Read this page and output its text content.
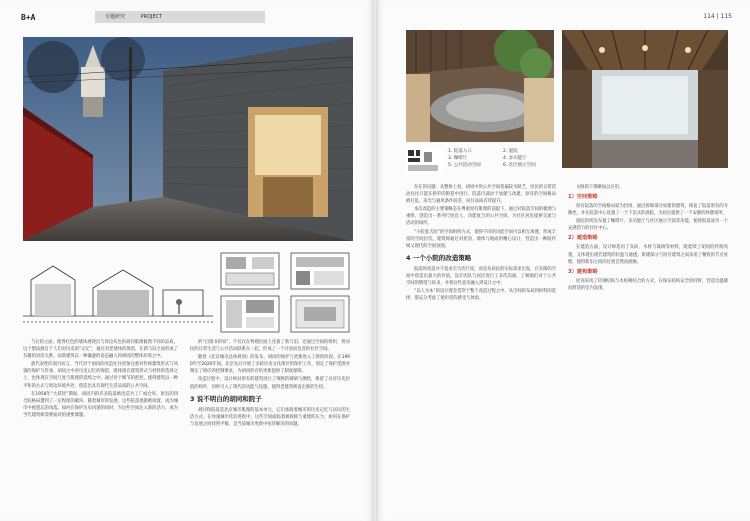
B+A	专题研究	PROJECT

与后的立面，使得红色的墙体展现出与周边灰色的胡同肌理截然不同的品质。这个想法源自于人们对历史的“记忆”，通过对老墙体的保留，在新与旧之间形成了有趣的对话关系，而新建筑以一种谦逊的姿态融入到胡同的整体环境之中。

就代表性的项目而言，当代对于胡同的改造往往更加注重对传统建筑形式与风貌的保护与传承。胡同之中对历史记忆的保留，既体现在建筑形式与材料的选择之上，也体现在空间尺度与肌理的延续之中。通过对于细节的把控，使得建筑以一种平和的方式与周边环境共处，创造出具有现代生活品质的公共空间。

在1958年“大跃进”期间，胡同内的许多院落被改造为工厂或仓库，原有的四合院格局遭到了一定程度的破坏。随着城市的发展，这些院落逐渐被闲置，成为城市中被遗忘的角落。如何在保护历史风貌的同时，为这些空间注入新的活力，成为当代建筑师需要面对的重要课题。

的“白墙书的说”，不仅仅在物理层面上连接了新与旧，还通过空间的组织，将居民的日常生活与公共活动联系在一起，形成了一个开放而包容的社区空间。

随着《北京城市总体规划》的发布，胡同的保护与更新进入了新的阶段。在1990年至2020年间，北京先后开展了多轮历史文化街区的保护工作，划定了保护范围并制定了相应的控制要求，为胡同的有机更新提供了制度保障。

改造过程中，设计师对原有的建筑进行了细致的调研与测绘，保留了具有历史价值的构件，同时引入了现代的功能与设施，使得老建筑焕发出新的生机。

3 说不明白的胡同和院子

胡同和院落是北京城市肌理的基本单元，它们承载着城市的历史记忆与居民的生活方式。在快速城市化的进程中，这些空间面临着被拆除与重建的压力，如何在保护与发展之间找到平衡，是当前城市更新中亟待解决的问题。

114 | 115
1. 院落入口	2. 庭院
3. 咖啡厅	4. 多功能厅
5. 公共活动空间	6. 社区展示空间

存在的问题：从整体上看，胡同中的公共空间普遍较为缺乏，居民的日常活动往往只能在狭窄的街巷中进行。院落内部由于加建与改建，原有的空间格局被打乱，采光与通风条件较差，居住品质有待提升。

本次改造的主要策略是在尊重原有肌理的前提下，通过对院落空间的梳理与重组，创造出一系列尺度宜人、功能复合的公共空间，为社区居民提供交流与活动的场所。

“小院套大院”的空间组织方式，使得不同的功能空间可以相互渗透，形成丰富的空间层次。建筑师通过对屋顶、墙体与地面的精心设计，营造出一种既传统又现代的空间氛围。

4 一个小院的改造策略

院落的改造并不追求宏大的尺度，而是从居民的实际需求出发，在有限的空间中创造出最大的价值。设计团队与居民进行了多次沟通，了解他们对于公共空间的期望与诉求，并将这些意见融入到设计之中。

“以人为本”的设计理念贯穿于整个改造过程之中，从空间的布局到材料的选择，都充分考虑了使用者的感受与体验。

文脉的个策略加以应用。

1）空间策略

原有院落的空间格局较为封闭，通过拆除部分加建的建筑，恢复了院落原有的开敞性，并在院落中心设置了一个下沉式的庭院，为居民提供了一个安静的休憩场所。

庭院的周边布置了咖啡厅、多功能厅与社区展示空间等功能，使得院落成为一个充满活力的社区中心。

2）建造策略

在建造方面，设计师选用了灰砖、木材与玻璃等材料，既延续了胡同的传统风貌，又体现出现代建筑的轻盈与通透。新建部分与原有建筑之间采用了精致的节点处理，使得新旧之间的过渡自然而流畅。

3）建构策略

屋顶采用了轻钢结构与木构相结合的方式，在保证结构安全的同时，营造出温暖而舒适的室内氛围。
